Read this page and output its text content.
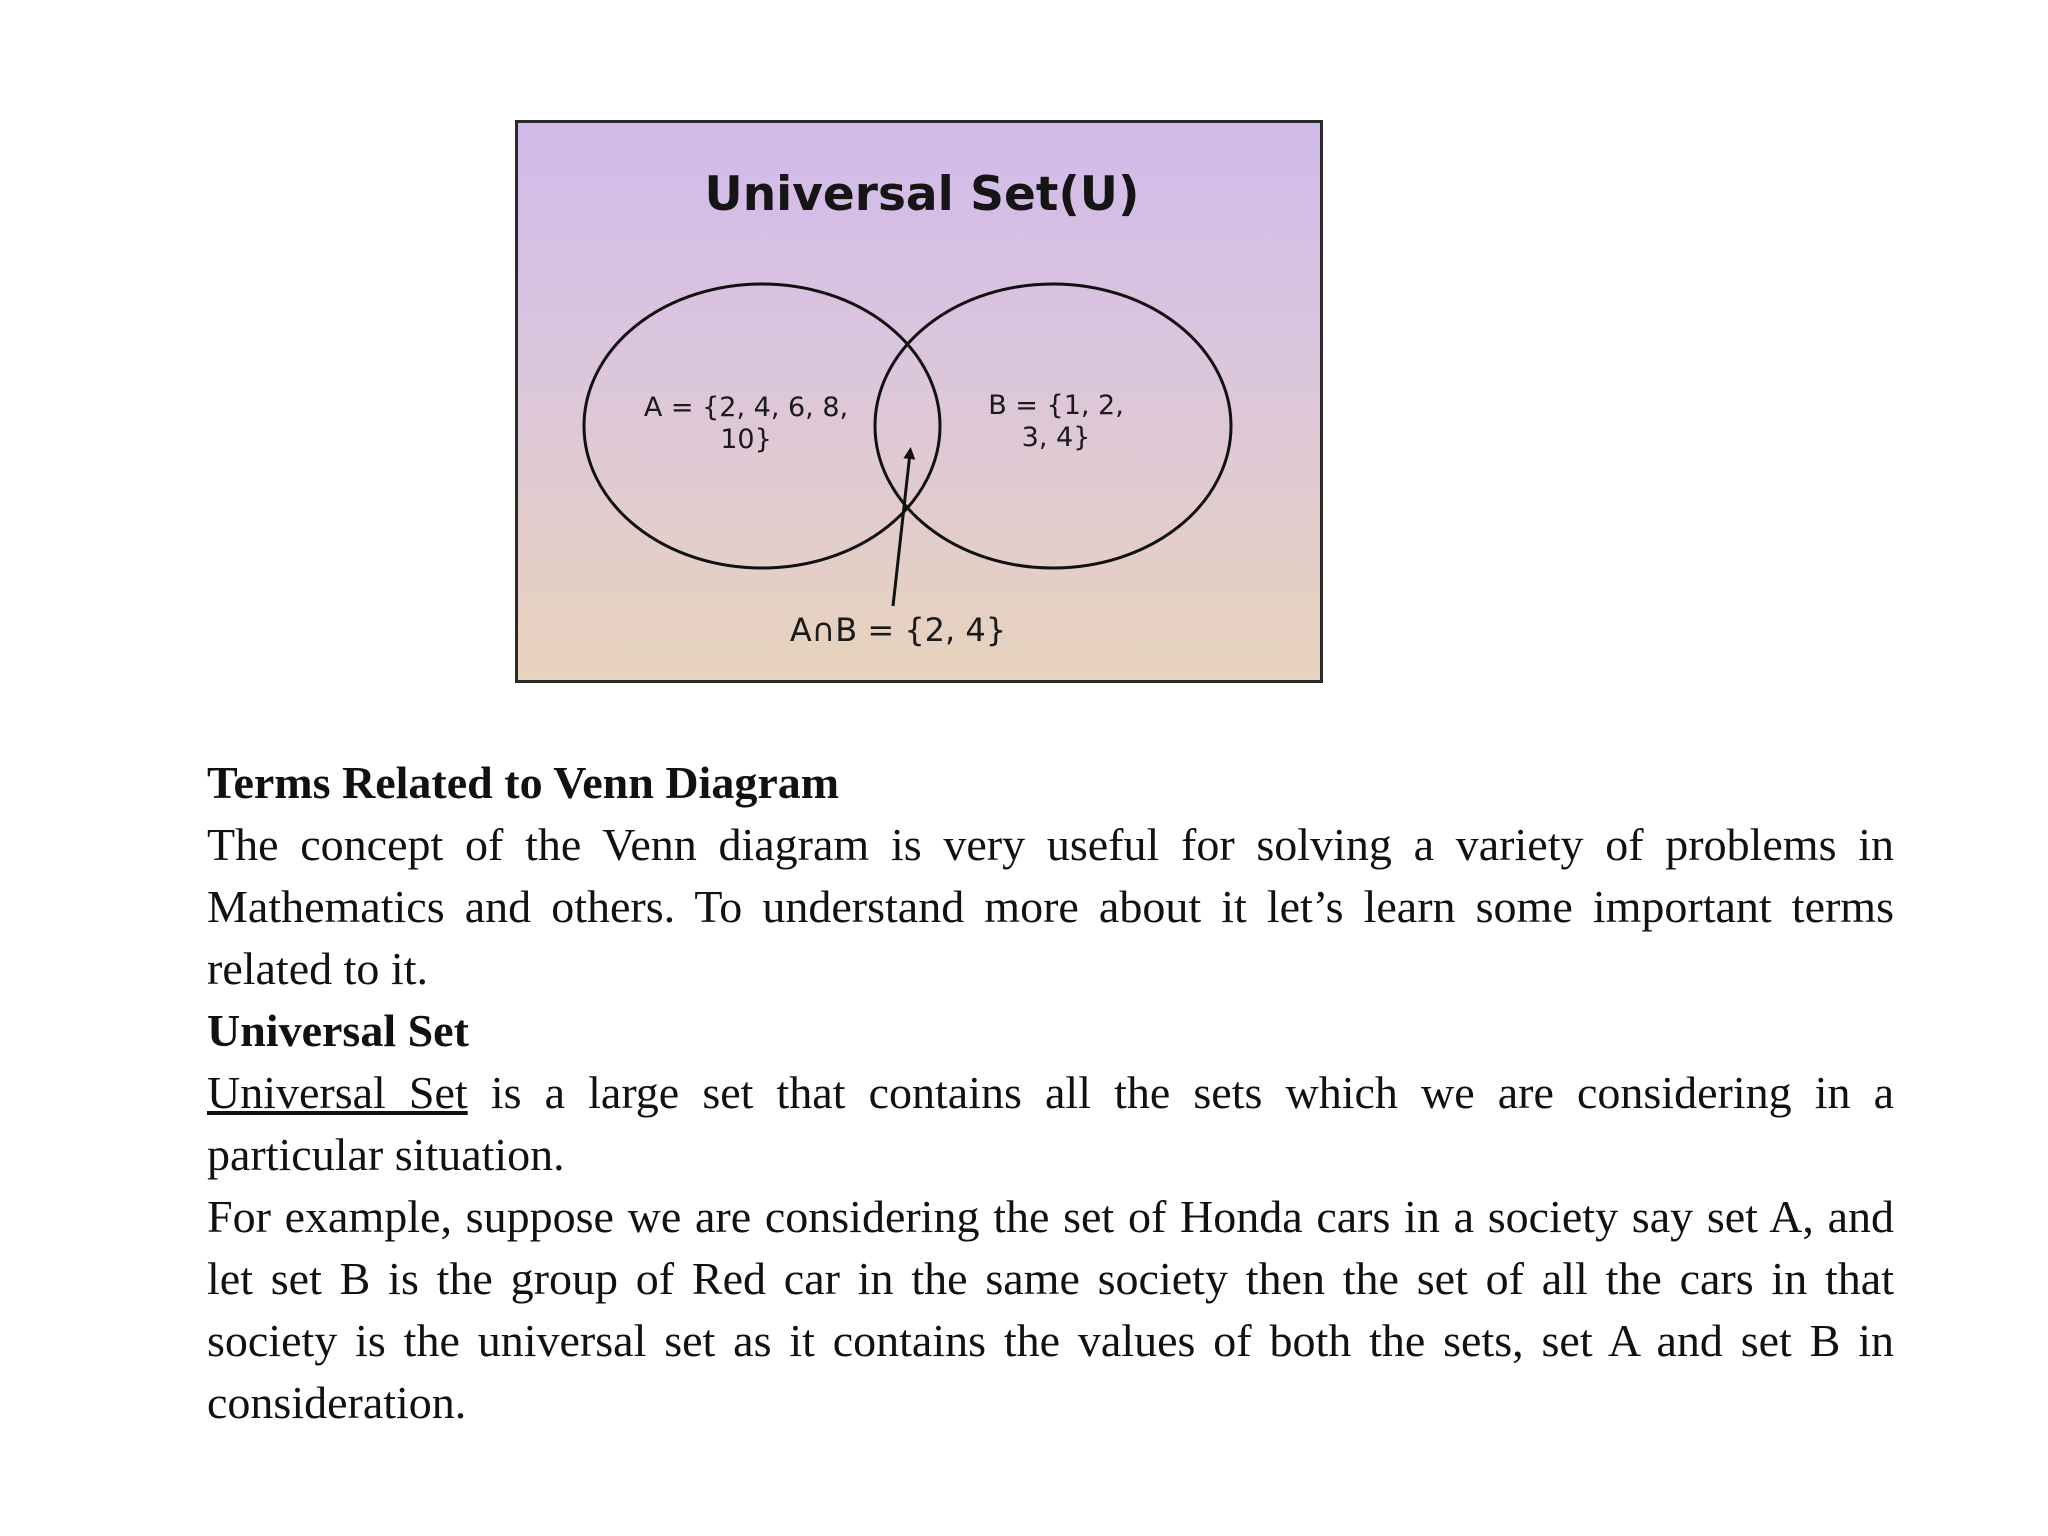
Universal Set(U)
A = {2, 4, 6, 8,
10}
B = {1, 2,
3, 4}
A∩B = {2, 4}

Terms Related to Venn Diagram

The concept of the Venn diagram is very useful for solving a variety of problems in Mathematics and others. To understand more about it let’s learn some important terms related to it.

Universal Set

Universal Set is a large set that contains all the sets which we are considering in a particular situation.

For example, suppose we are considering the set of Honda cars in a society say set A, and let set B is the group of Red car in the same society then the set of all the cars in that society is the universal set as it contains the values of both the sets, set A and set B in consideration.
